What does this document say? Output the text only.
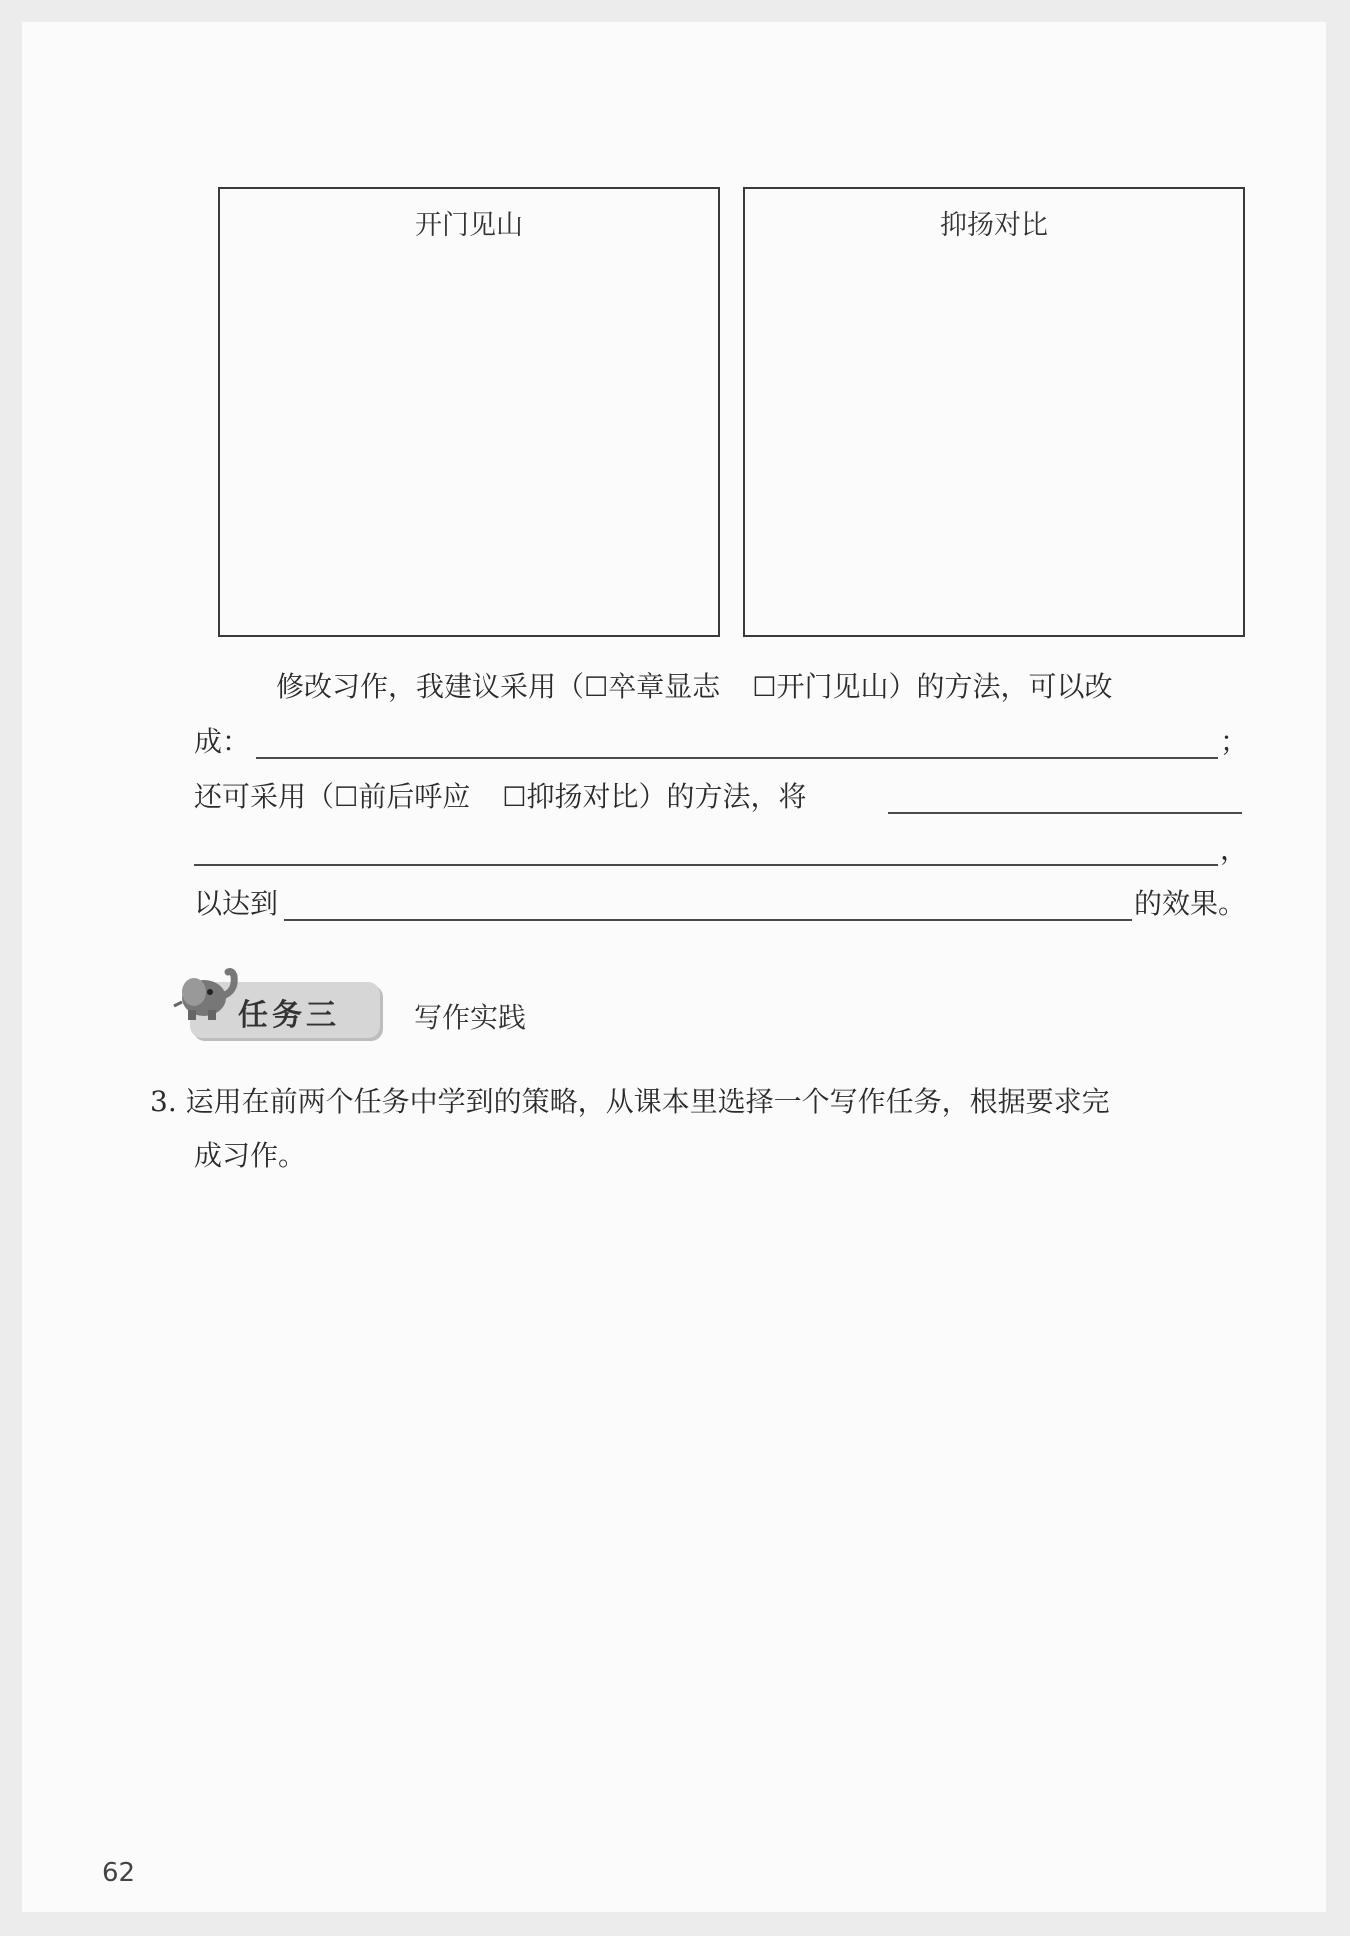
开门见山	抑扬对比
修改习作，我建议采用（☐卒章显志 ☐开门见山）的方法，可以改
成：	；
还可采用（☐前后呼应 ☐抑扬对比）的方法，将
，
以达到	的效果。
任务三	写作实践
3. 运用在前两个任务中学到的策略，从课本里选择一个写作任务，根据要求完
成习作。
62
